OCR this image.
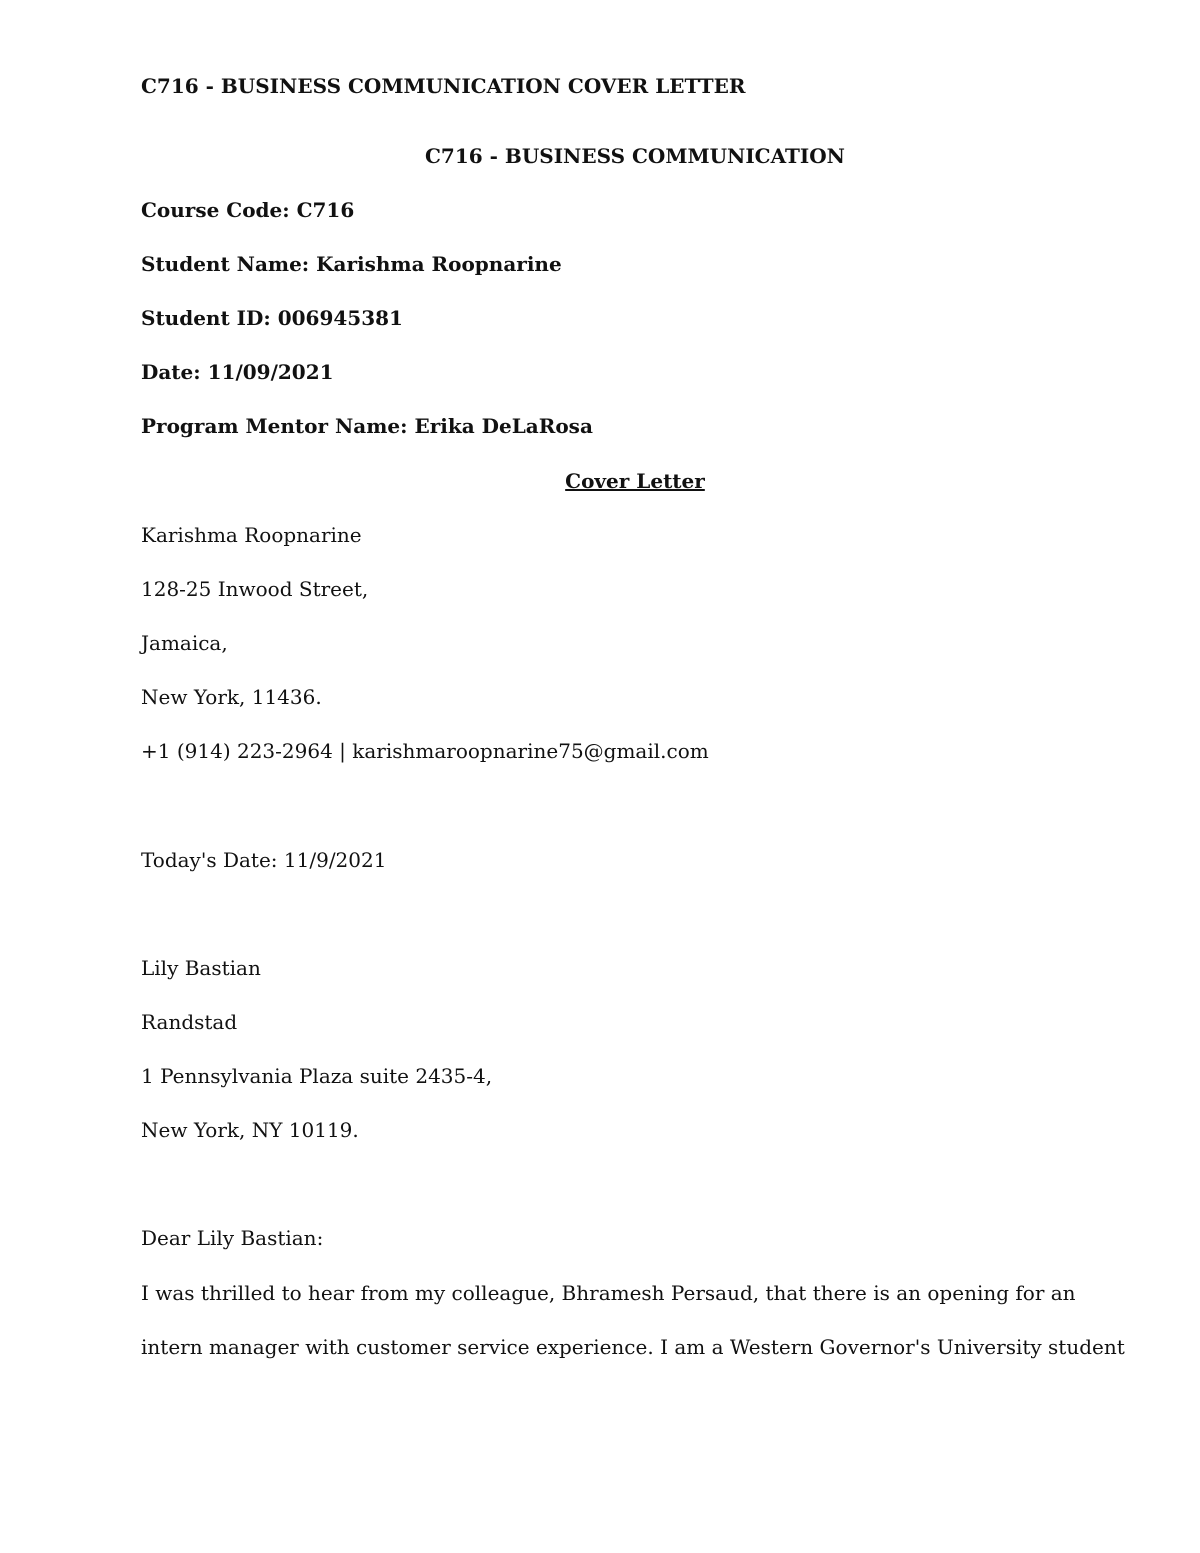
C716 - BUSINESS COMMUNICATION COVER LETTER
C716 - BUSINESS COMMUNICATION
Course Code: C716
Student Name: Karishma Roopnarine
Student ID: 006945381
Date: 11/09/2021
Program Mentor Name: Erika DeLaRosa
Cover Letter
Karishma Roopnarine
128-25 Inwood Street,
Jamaica,
New York, 11436.
+1 (914) 223-2964 | karishmaroopnarine75@gmail.com
Today's Date: 11/9/2021
Lily Bastian
Randstad
1 Pennsylvania Plaza suite 2435-4,
New York, NY 10119.
Dear Lily Bastian:
I was thrilled to hear from my colleague, Bhramesh Persaud, that there is an opening for an
intern manager with customer service experience. I am a Western Governor's University student
